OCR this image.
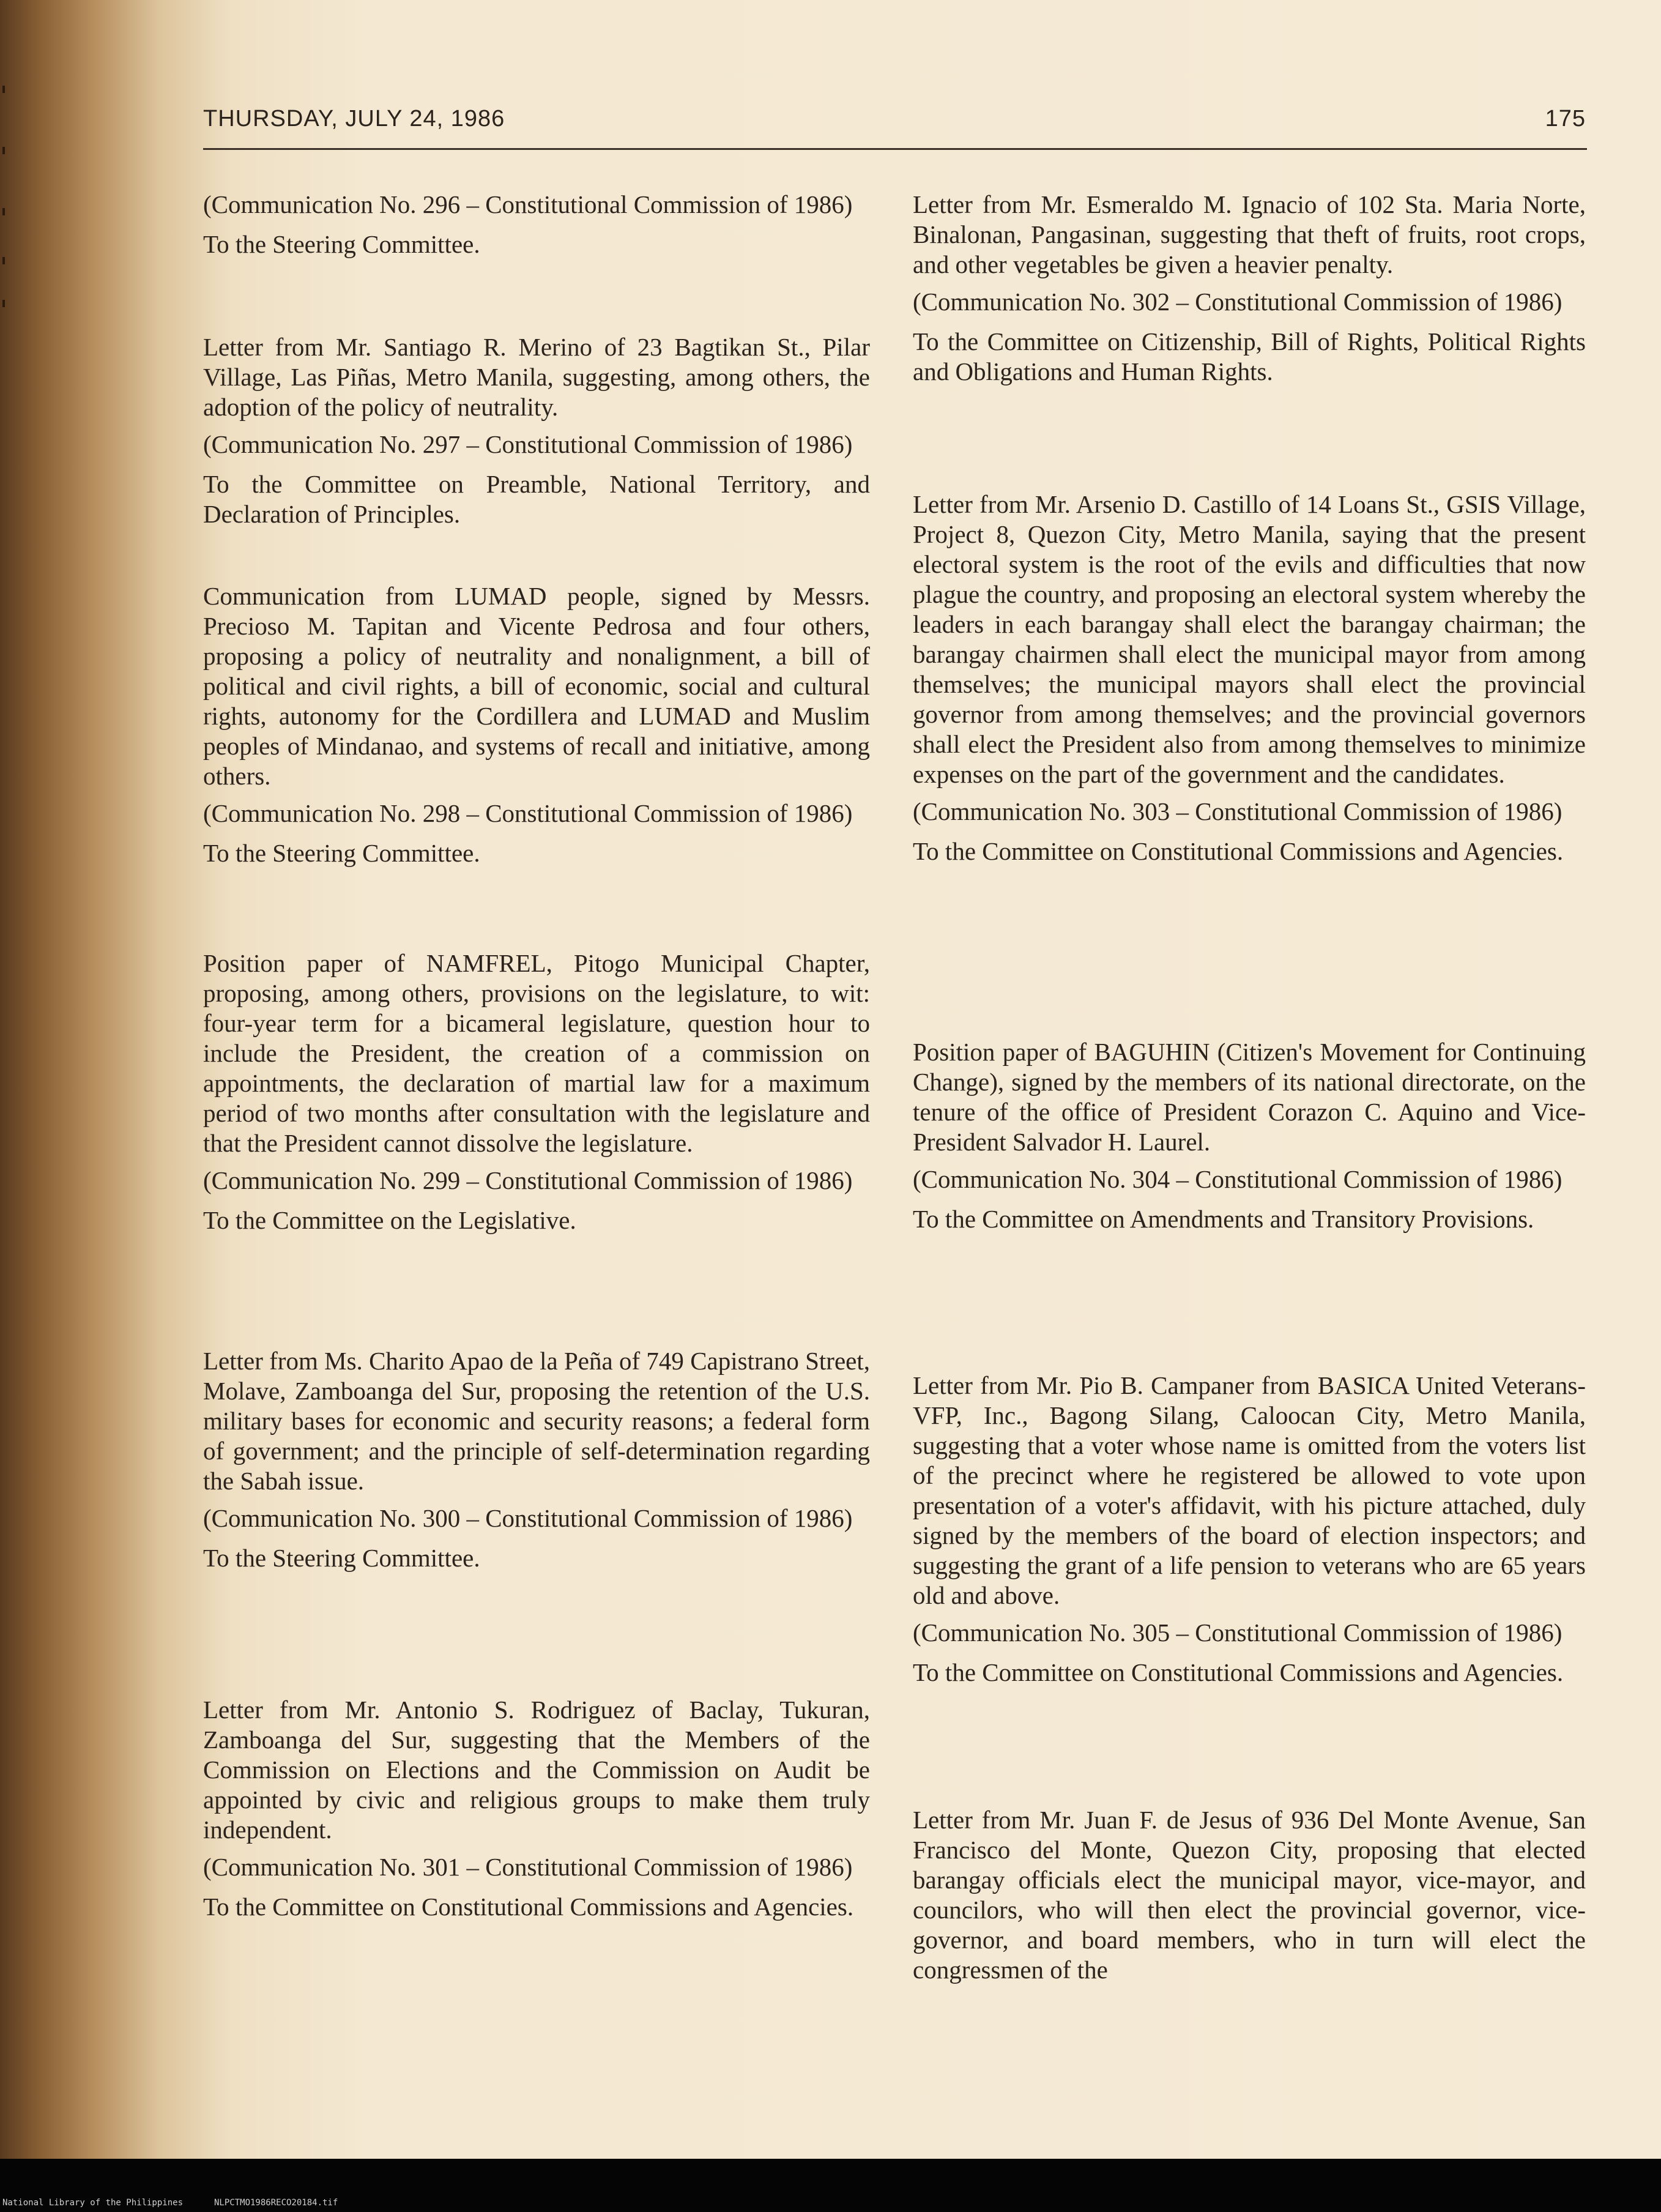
THURSDAY, JULY 24, 1986	175

(Communication No. 296 – Constitutional Commission of 1986)

To the Steering Committee.

Letter from Mr. Santiago R. Merino of 23 Bagtikan St., Pilar Village, Las Piñas, Metro Manila, suggesting, among others, the adoption of the policy of neutrality.

(Communication No. 297 – Constitutional Commission of 1986)

To the Committee on Preamble, National Territory, and Declaration of Principles.

Communication from LUMAD people, signed by Messrs. Precioso M. Tapitan and Vicente Pedrosa and four others, proposing a policy of neutrality and nonalignment, a bill of political and civil rights, a bill of economic, social and cultural rights, autonomy for the Cordillera and LUMAD and Muslim peoples of Mindanao, and systems of recall and initiative, among others.

(Communication No. 298 – Constitutional Commission of 1986)

To the Steering Committee.

Position paper of NAMFREL, Pitogo Municipal Chapter, proposing, among others, provisions on the legislature, to wit: four-year term for a bicameral legislature, question hour to include the President, the creation of a commission on appointments, the declaration of martial law for a maximum period of two months after consultation with the legislature and that the President cannot dissolve the legislature.

(Communication No. 299 – Constitutional Commission of 1986)

To the Committee on the Legislative.

Letter from Ms. Charito Apao de la Peña of 749 Capistrano Street, Molave, Zamboanga del Sur, proposing the retention of the U.S. military bases for economic and security reasons; a federal form of government; and the principle of self-determination regarding the Sabah issue.

(Communication No. 300 – Constitutional Commission of 1986)

To the Steering Committee.

Letter from Mr. Antonio S. Rodriguez of Baclay, Tukuran, Zamboanga del Sur, suggesting that the Members of the Commission on Elections and the Commission on Audit be appointed by civic and religious groups to make them truly independent.

(Communication No. 301 – Constitutional Commission of 1986)

To the Committee on Constitutional Commissions and Agencies.

Letter from Mr. Esmeraldo M. Ignacio of 102 Sta. Maria Norte, Binalonan, Pangasinan, suggesting that theft of fruits, root crops, and other vegetables be given a heavier penalty.

(Communication No. 302 – Constitutional Commission of 1986)

To the Committee on Citizenship, Bill of Rights, Political Rights and Obligations and Human Rights.

Letter from Mr. Arsenio D. Castillo of 14 Loans St., GSIS Village, Project 8, Quezon City, Metro Manila, saying that the present electoral system is the root of the evils and difficulties that now plague the country, and proposing an electoral system whereby the leaders in each barangay shall elect the barangay chairman; the barangay chairmen shall elect the municipal mayor from among themselves; the municipal mayors shall elect the provincial governor from among themselves; and the provincial governors shall elect the President also from among themselves to minimize expenses on the part of the government and the candidates.

(Communication No. 303 – Constitutional Commission of 1986)

To the Committee on Constitutional Commissions and Agencies.

Position paper of BAGUHIN (Citizen's Movement for Continuing Change), signed by the members of its national directorate, on the tenure of the office of President Corazon C. Aquino and Vice-President Salvador H. Laurel.

(Communication No. 304 – Constitutional Commission of 1986)

To the Committee on Amendments and Transitory Provisions.

Letter from Mr. Pio B. Campaner from BASICA United Veterans-VFP, Inc., Bagong Silang, Caloocan City, Metro Manila, suggesting that a voter whose name is omitted from the voters list of the precinct where he registered be allowed to vote upon presentation of a voter's affidavit, with his picture attached, duly signed by the members of the board of election inspectors; and suggesting the grant of a life pension to veterans who are 65 years old and above.

(Communication No. 305 – Constitutional Commission of 1986)

To the Committee on Constitutional Commissions and Agencies.

Letter from Mr. Juan F. de Jesus of 936 Del Monte Avenue, San Francisco del Monte, Quezon City, proposing that elected barangay officials elect the municipal mayor, vice-mayor, and councilors, who will then elect the provincial governor, vice-governor, and board members, who in turn will elect the congressmen of the

National Library of the Philippines	NLPCTMO1986RECO20184.tif
